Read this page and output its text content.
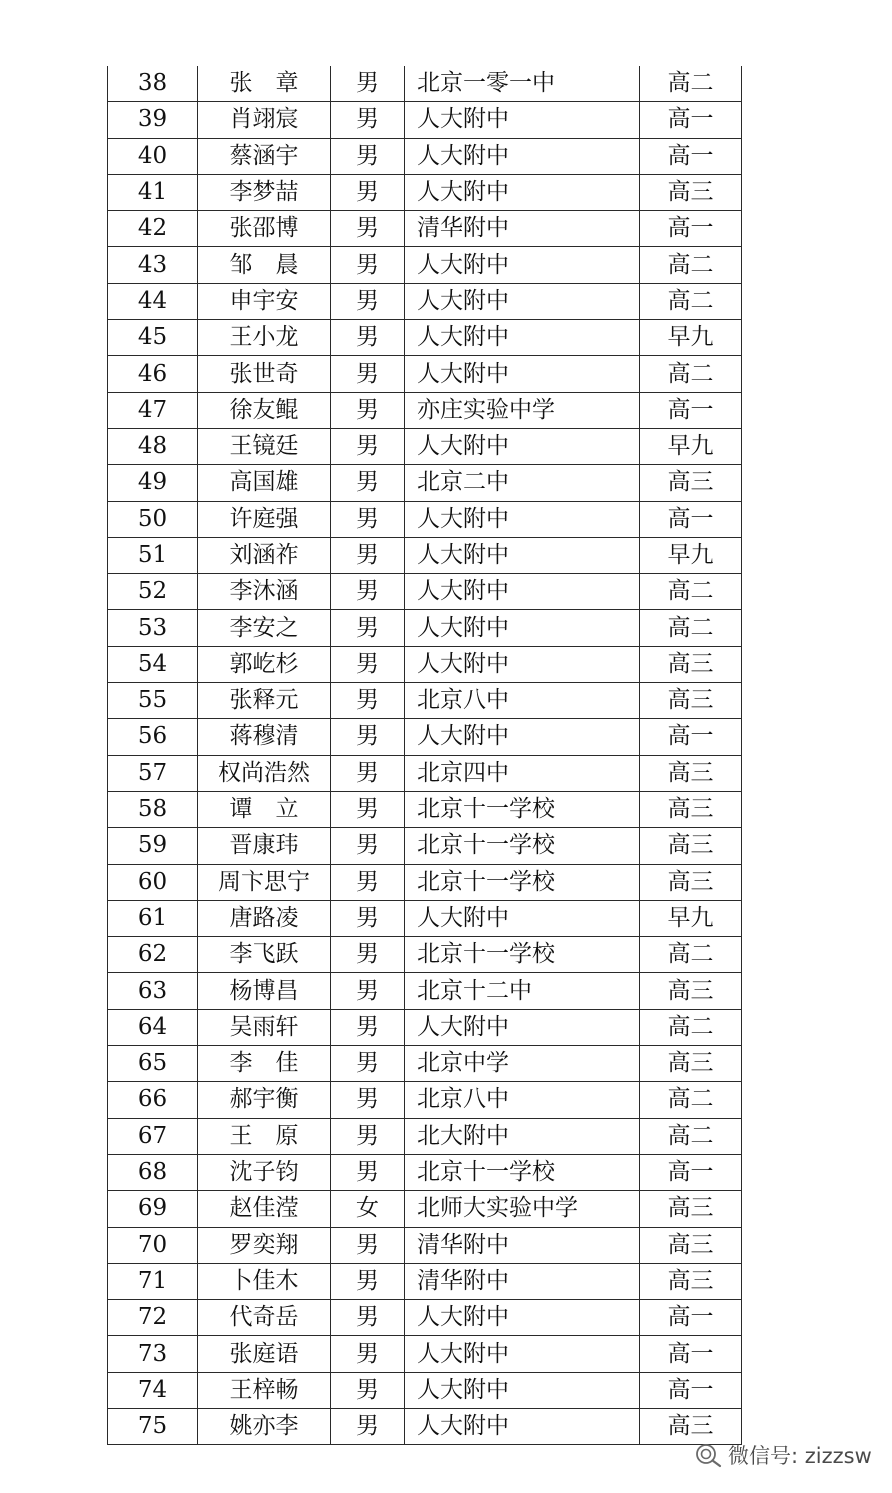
38	张　章	男	北京一零一中	高二
39	肖翊宸	男	人大附中	高一
40	蔡涵宇	男	人大附中	高一
41	李梦喆	男	人大附中	高三
42	张邵博	男	清华附中	高一
43	邹　晨	男	人大附中	高二
44	申宇安	男	人大附中	高二
45	王小龙	男	人大附中	早九
46	张世奇	男	人大附中	高二
47	徐友鲲	男	亦庄实验中学	高一
48	王镜廷	男	人大附中	早九
49	高国雄	男	北京二中	高三
50	许庭强	男	人大附中	高一
51	刘涵祚	男	人大附中	早九
52	李沐涵	男	人大附中	高二
53	李安之	男	人大附中	高二
54	郭屹杉	男	人大附中	高三
55	张释元	男	北京八中	高三
56	蒋穆清	男	人大附中	高一
57	权尚浩然	男	北京四中	高三
58	谭　立	男	北京十一学校	高三
59	晋康玮	男	北京十一学校	高三
60	周卞思宁	男	北京十一学校	高三
61	唐路凌	男	人大附中	早九
62	李飞跃	男	北京十一学校	高二
63	杨博昌	男	北京十二中	高三
64	吴雨轩	男	人大附中	高二
65	李　佳	男	北京中学	高三
66	郝宇衡	男	北京八中	高二
67	王　原	男	北大附中	高二
68	沈子钧	男	北京十一学校	高一
69	赵佳滢	女	北师大实验中学	高三
70	罗奕翔	男	清华附中	高三
71	卜佳木	男	清华附中	高三
72	代奇岳	男	人大附中	高一
73	张庭语	男	人大附中	高一
74	王梓畅	男	人大附中	高一
75	姚亦李	男	人大附中	高三
微信号: zizzsw
